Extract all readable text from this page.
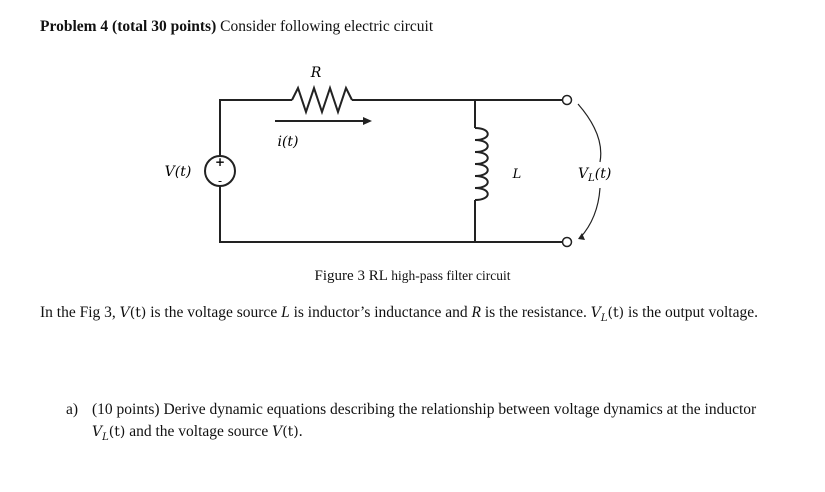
Problem 4 (total 30 points) Consider following electric circuit
R
i(t)
V(t)
+
-	L	$V_L(t)$
Figure 3 RL high-pass filter circuit
In the Fig 3, V(t) is the voltage source L is inductor’s inductance and R is the resistance. $V_L(t)$ is the output voltage.
a) (10 points) Derive dynamic equations describing the relationship between voltage dynamics at the inductor $V_L(t)$ and the voltage source V(t).
